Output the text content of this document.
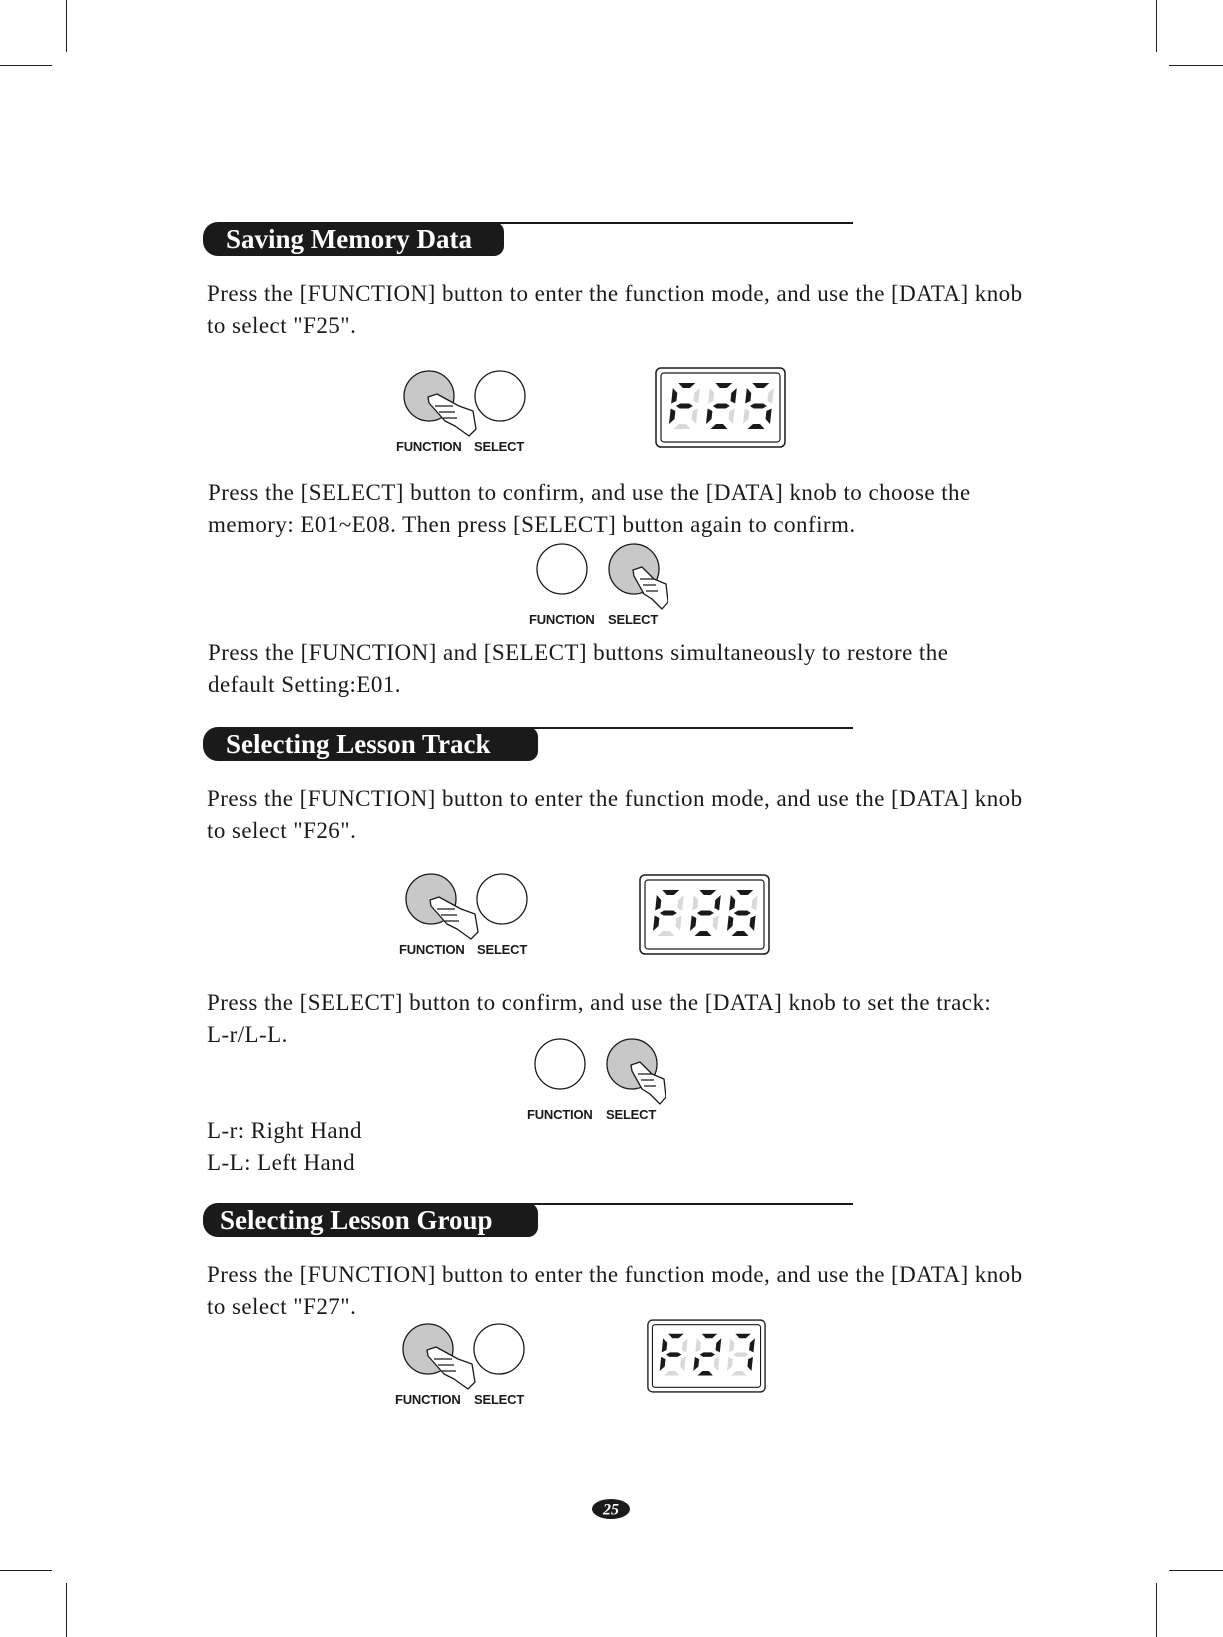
Saving Memory Data

Press the [FUNCTION] button to enter the function mode, and use the [DATA] knob
to select "F25".

FUNCTION SELECT

Press the [SELECT] button to confirm, and use the [DATA] knob to choose the
memory: E01~E08. Then press [SELECT] button again to confirm.

FUNCTION SELECT

Press the [FUNCTION] and [SELECT] buttons simultaneously to restore the
default Setting:E01.

Selecting Lesson Track

Press the [FUNCTION] button to enter the function mode, and use the [DATA] knob
to select "F26".

FUNCTION SELECT

Press the [SELECT] button to confirm, and use the [DATA] knob to set the track:
L-r/L-L.

FUNCTION SELECT

L-r: Right Hand
L-L: Left Hand

Selecting Lesson Group

Press the [FUNCTION] button to enter the function mode, and use the [DATA] knob
to select "F27".

FUNCTION SELECT
25
